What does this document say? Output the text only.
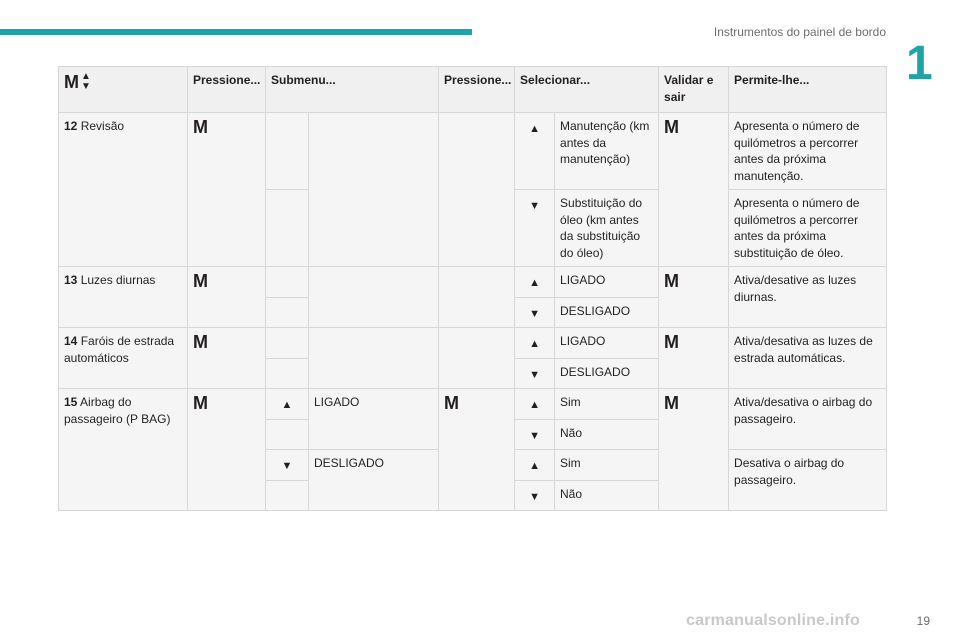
Instrumentos do painel de bordo
1
M ▲
▼	Pressione...	Submenu...		Pressione...	Selecionar...		Validar e sair	Permite-lhe...
12 Revisão	M				▲	Manutenção (km antes da manutenção)	M	Apresenta o número de quilómetros a percorrer antes da próxima manutenção.

					▼	Substituição do óleo (km antes da substituição do óleo)		Apresenta o número de quilómetros a percorrer antes da próxima substituição de óleo.
13 Luzes diurnas	M				▲	LIGADO	M	Ativa/desative as luzes diurnas.

					▼	DESLIGADO		
14 Faróis de estrada automáticos	M				▲	LIGADO	M	Ativa/desativa as luzes de estrada automáticas.

					▼	DESLIGADO		
15 Airbag do passageiro (P BAG)	M	▲	LIGADO	M	▲	Sim	M	Ativa/desativa o airbag do passageiro.

					▼	Não		

		▼	DESLIGADO		▲	Sim		Desativa o airbag do passageiro.

					▼	Não		
carmanualsonline.info	19
